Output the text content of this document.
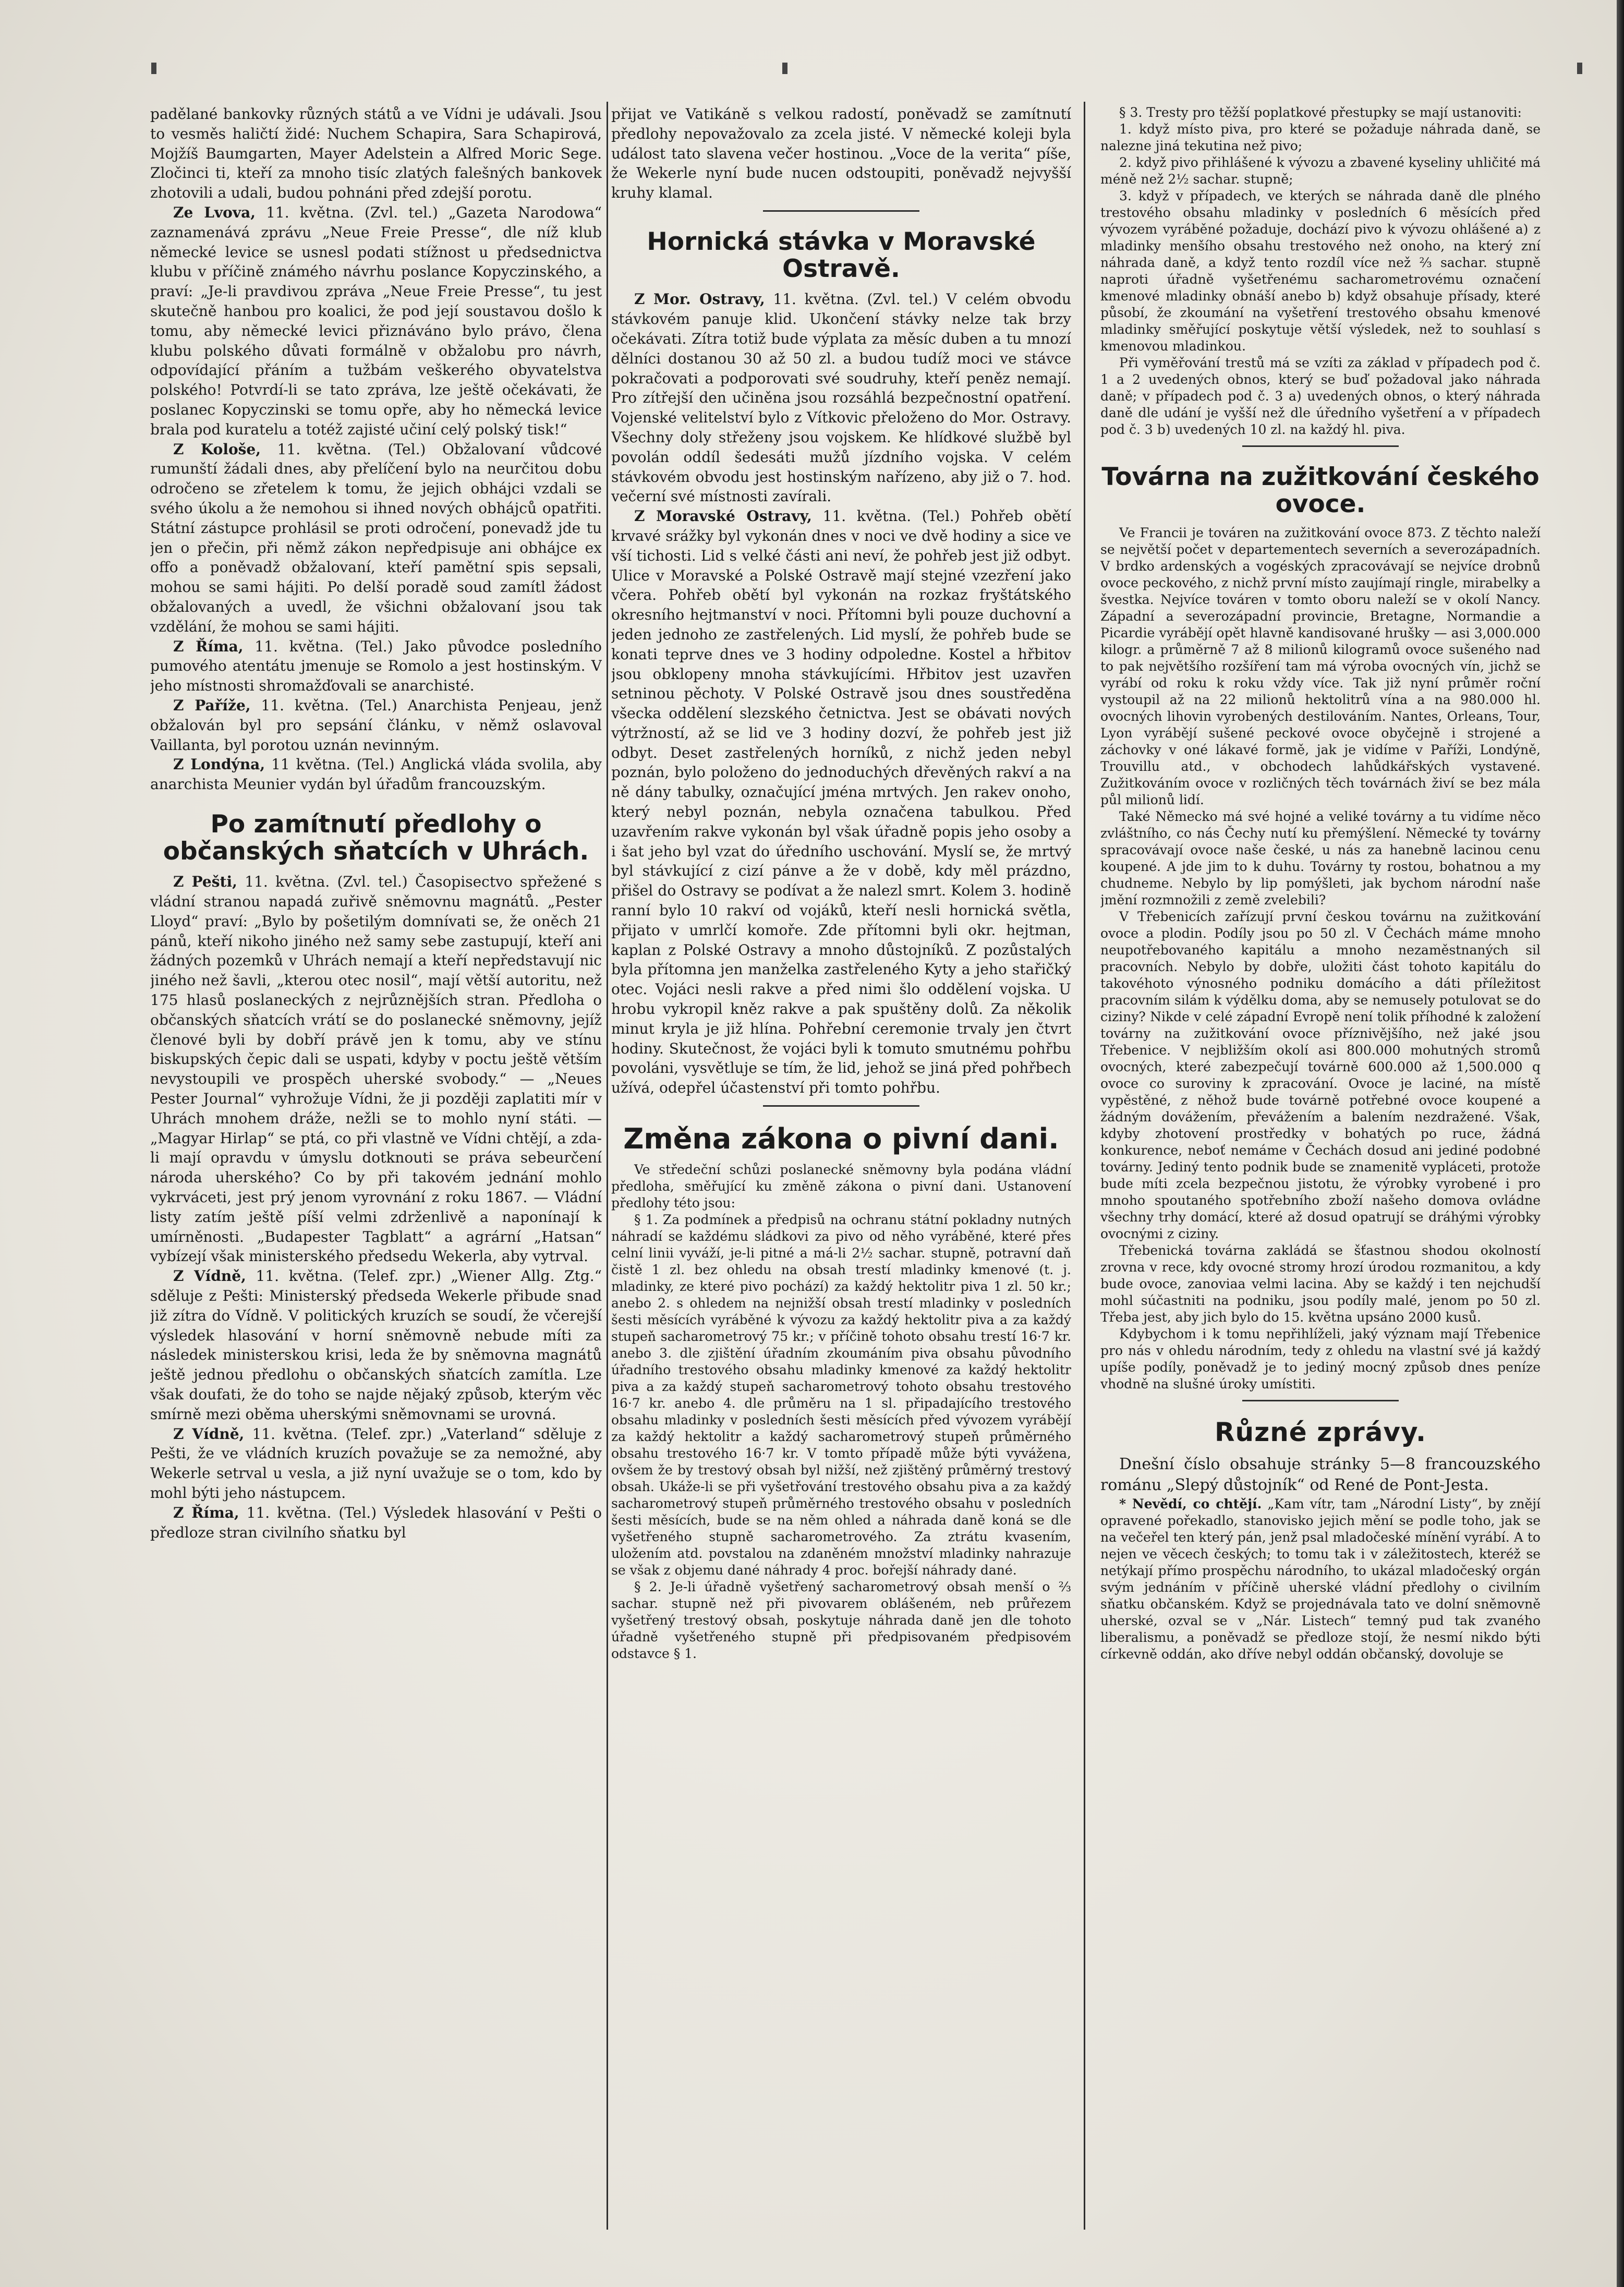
padělané bankovky různých států a ve Vídni je udávali. Jsou to vesměs haličtí židé: Nuchem Schapira, Sara Schapirová, Mojžíš Baumgarten, Mayer Adelstein a Alfred Moric Sege. Zločinci ti, kteří za mnoho tisíc zlatých falešných bankovek zhotovili a udali, budou pohnáni před zdejší porotu.

Ze Lvova, 11. května. (Zvl. tel.) „Gazeta Narodowa“ zaznamenává zprávu „Neue Freie Presse“, dle níž klub německé levice se usnesl podati stížnost u předsednictva klubu v příčině známého návrhu poslance Kopyczinského, a praví: „Je-li pravdivou zpráva „Neue Freie Presse“, tu jest skutečně hanbou pro koalici, že pod její soustavou došlo k tomu, aby německé levici přiznáváno bylo právo, člena klubu polského důvati formálně v obžalobu pro návrh, odpovídající přáním a tužbám veškerého obyvatelstva polského! Potvrdí-li se tato zpráva, lze ještě očekávati, že poslanec Kopyczinski se tomu opře, aby ho německá levice brala pod kuratelu a totéž zajisté učiní celý polský tisk!“

Z Kološe, 11. května. (Tel.) Obžalovaní vůdcové rumunští žádali dnes, aby přelíčení bylo na neurčitou dobu odročeno se zřetelem k tomu, že jejich obhájci vzdali se svého úkolu a že nemohou si ihned nových obhájců opatřiti. Státní zástupce prohlásil se proti odročení, ponevadž jde tu jen o přečin, při němž zákon nepředpisuje ani obhájce ex offo a poněvadž obžalovaní, kteří pamětní spis sepsali, mohou se sami hájiti. Po delší poradě soud zamítl žádost obžalovaných a uvedl, že všichni obžalovaní jsou tak vzdělání, že mohou se sami hájiti.

Z Říma, 11. května. (Tel.) Jako původce posledního pumového atentátu jmenuje se Romolo a jest hostinským. V jeho místnosti shromažďovali se anarchisté.

Z Paříže, 11. května. (Tel.) Anarchista Penjeau, jenž obžalován byl pro sepsání článku, v němž oslavoval Vaillanta, byl porotou uznán nevinným.

Z Londýna, 11 května. (Tel.) Anglická vláda svolila, aby anarchista Meunier vydán byl úřadům francouzským.

Po zamítnutí předlohy o občanských sňatcích v Uhrách.

Z Pešti, 11. května. (Zvl. tel.) Časopisectvo spřežené s vládní stranou napadá zuřivě sněmovnu magnátů. „Pester Lloyd“ praví: „Bylo by pošetilým domnívati se, že oněch 21 pánů, kteří nikoho jiného než samy sebe zastupují, kteří ani žádných pozemků v Uhrách nemají a kteří nepředstavují nic jiného než šavli, „kterou otec nosil“, mají větší autoritu, než 175 hlasů poslaneckých z nejrůznějších stran. Předloha o občanských sňatcích vrátí se do poslanecké sněmovny, jejíž členové byli by dobří právě jen k tomu, aby ve stínu biskupských čepic dali se uspati, kdyby v poctu ještě větším nevystoupili ve prospěch uherské svobody.“ — „Neues Pester Journal“ vyhrožuje Vídni, že ji později zaplatiti mír v Uhrách mnohem dráže, nežli se to mohlo nyní státi. — „Magyar Hirlap“ se ptá, co při vlastně ve Vídni chtějí, a zda-li mají opravdu v úmyslu dotknouti se práva sebeurčení národa uherského? Co by při takovém jednání mohlo vykrváceti, jest prý jenom vyrovnání z roku 1867. — Vládní listy zatím ještě píší velmi zdrženlivě a naponínají k umírněnosti. „Budapester Tagblatt“ a agrární „Hatsan“ vybízejí však ministerského předsedu Wekerla, aby vytrval.

Z Vídně, 11. května. (Telef. zpr.) „Wiener Allg. Ztg.“ sděluje z Pešti: Ministerský předseda Wekerle přibude snad již zítra do Vídně. V politických kruzích se soudí, že včerejší výsledek hlasování v horní sněmovně nebude míti za následek ministerskou krisi, leda že by sněmovna magnátů ještě jednou předlohu o občanských sňatcích zamítla. Lze však doufati, že do toho se najde nějaký způsob, kterým věc smírně mezi oběma uherskými sněmovnami se urovná.

Z Vídně, 11. května. (Telef. zpr.) „Vaterland“ sděluje z Pešti, že ve vládních kruzích považuje se za nemožné, aby Wekerle setrval u vesla, a již nyní uvažuje se o tom, kdo by mohl býti jeho nástupcem.

Z Říma, 11. května. (Tel.) Výsledek hlasování v Pešti o předloze stran civilního sňatku byl

přijat ve Vatikáně s velkou radostí, poněvadž se zamítnutí předlohy nepovažovalo za zcela jisté. V německé koleji byla událost tato slavena večer hostinou. „Voce de la verita“ píše, že Wekerle nyní bude nucen odstoupiti, poněvadž nejvyšší kruhy klamal.

Hornická stávka v Moravské Ostravě.

Z Mor. Ostravy, 11. května. (Zvl. tel.) V celém obvodu stávkovém panuje klid. Ukončení stávky nelze tak brzy očekávati. Zítra totiž bude výplata za měsíc duben a tu mnozí dělníci dostanou 30 až 50 zl. a budou tudíž moci ve stávce pokračovati a podporovati své soudruhy, kteří peněz nemají. Pro zítřejší den učiněna jsou rozsáhlá bezpečnostní opatření. Vojenské velitelství bylo z Vítkovic přeloženo do Mor. Ostravy. Všechny doly střeženy jsou vojskem. Ke hlídkové službě byl povolán oddíl šedesáti mužů jízdního vojska. V celém stávkovém obvodu jest hostinským nařízeno, aby již o 7. hod. večerní své místnosti zavírali.

Z Moravské Ostravy, 11. května. (Tel.) Pohřeb obětí krvavé srážky byl vykonán dnes v noci ve dvě hodiny a sice ve vší tichosti. Lid s velké části ani neví, že pohřeb jest již odbyt. Ulice v Moravské a Polské Ostravě mají stejné vzezření jako včera. Pohřeb obětí byl vykonán na rozkaz fryštátského okresního hejtmanství v noci. Přítomni byli pouze duchovní a jeden jednoho ze zastřelených. Lid myslí, že pohřeb bude se konati teprve dnes ve 3 hodiny odpoledne. Kostel a hřbitov jsou obklopeny mnoha stávkujícími. Hřbitov jest uzavřen setninou pěchoty. V Polské Ostravě jsou dnes soustředěna všecka oddělení slezského četnictva. Jest se obávati nových výtržností, až se lid ve 3 hodiny dozví, že pohřeb jest již odbyt. Deset zastřelených horníků, z nichž jeden nebyl poznán, bylo položeno do jednoduchých dřevěných rakví a na ně dány tabulky, označující jména mrtvých. Jen rakev onoho, který nebyl poznán, nebyla označena tabulkou. Před uzavřením rakve vykonán byl však úřadně popis jeho osoby a i šat jeho byl vzat do úředního uschování. Myslí se, že mrtvý byl stávkující z cizí pánve a že v době, kdy měl prázdno, přišel do Ostravy se podívat a že nalezl smrt. Kolem 3. hodině ranní bylo 10 rakví od vojáků, kteří nesli hornická světla, přijato v umrlčí komoře. Zde přítomni byli okr. hejtman, kaplan z Polské Ostravy a mnoho důstojníků. Z pozůstalých byla přítomna jen manželka zastřeleného Kyty a jeho stařičký otec. Vojáci nesli rakve a před nimi šlo oddělení vojska. U hrobu vykropil kněz rakve a pak spuštěny dolů. Za několik minut kryla je již hlína. Pohřební ceremonie trvaly jen čtvrt hodiny. Skutečnost, že vojáci byli k tomuto smutnému pohřbu povoláni, vysvětluje se tím, že lid, jehož se jiná před pohřbech užívá, odepřel účastenství při tomto pohřbu.

Změna zákona o pivní dani.

Ve středeční schůzi poslanecké sněmovny byla podána vládní předloha, směřující ku změně zákona o pivní dani. Ustanovení předlohy této jsou:

§ 1. Za podmínek a předpisů na ochranu státní pokladny nutných náhradí se každému sládkovi za pivo od něho vyráběné, které přes celní linii vyváží, je-li pitné a má-li 2½ sachar. stupně, potravní daň čistě 1 zl. bez ohledu na obsah trestí mladinky kmenové (t. j. mladinky, ze které pivo pochází) za každý hektolitr piva 1 zl. 50 kr.; anebo 2. s ohledem na nejnižší obsah trestí mladinky v posledních šesti měsících vyráběné k vývozu za každý hektolitr piva a za každý stupeň sacharometrový 75 kr.; v příčině tohoto obsahu trestí 16·7 kr. anebo 3. dle zjištění úřadním zkoumáním piva obsahu původního úřadního trestového obsahu mladinky kmenové za každý hektolitr piva a za každý stupeň sacharometrový tohoto obsahu trestového 16·7 kr. anebo 4. dle průměru na 1 sl. připadajícího trestového obsahu mladinky v posledních šesti měsících před vývozem vyrábějí za každý hektolitr a každý sacharometrový stupeň průměrného obsahu trestového 16·7 kr. V tomto případě může býti vyvážena, ovšem že by trestový obsah byl nižší, než zjištěný průměrný trestový obsah. Ukáže-li se při vyšetřování trestového obsahu piva a za každý sacharometrový stupeň průměrného trestového obsahu v posledních šesti měsících, bude se na něm ohled a náhrada daně koná se dle vyšetřeného stupně sacharometrového. Za ztrátu kvasením, uložením atd. povstalou na zdaněném množství mladinky nahrazuje se však z objemu dané náhrady 4 proc. bořejší náhrady dané.

§ 2. Je-li úřadně vyšetřený sacharometrový obsah menší o ⅔ sachar. stupně než při pivovarem oblášeném, neb průřezem vyšetřený trestový obsah, poskytuje náhrada daně jen dle tohoto úřadně vyšetřeného stupně při předpisovaném předpisovém odstavce § 1.

§ 3. Tresty pro těžší poplatkové přestupky se mají ustanoviti:

1. když místo piva, pro které se požaduje náhrada daně, se nalezne jiná tekutina než pivo;

2. když pivo přihlášené k vývozu a zbavené kyseliny uhličité má méně než 2½ sachar. stupně;

3. když v případech, ve kterých se náhrada daně dle plného trestového obsahu mladinky v posledních 6 měsících před vývozem vyráběné požaduje, dochází pivo k vývozu ohlášené a) z mladinky menšího obsahu trestového než onoho, na který zní náhrada daně, a když tento rozdíl více než ⅔ sachar. stupně naproti úřadně vyšetřenému sacharometrovému označení kmenové mladinky obnáší anebo b) když obsahuje přísady, které působí, že zkoumání na vyšetření trestového obsahu kmenové mladinky směřující poskytuje větší výsledek, než to souhlasí s kmenovou mladinkou.

Při vyměřování trestů má se vzíti za základ v případech pod č. 1 a 2 uvedených obnos, který se buď požadoval jako náhrada daně; v případech pod č. 3 a) uvedených obnos, o který náhrada daně dle udání je vyšší než dle úředního vyšetření a v případech pod č. 3 b) uvedených 10 zl. na každý hl. piva.

Továrna na zužitkování českého ovoce.

Ve Francii je továren na zužitkování ovoce 873. Z těchto naleží se největší počet v departementech severních a severozápadních. V brdko ardenských a vogéských zpracovávají se nejvíce drobnů ovoce peckového, z nichž první místo zaujímají ringle, mirabelky a švestka. Nejvíce továren v tomto oboru naleží se v okolí Nancy. Západní a severozápadní provincie, Bretagne, Normandie a Picardie vyrábějí opět hlavně kandisované hrušky — asi 3,000.000 kilogr. a průměrně 7 až 8 milionů kilogramů ovoce sušeného nad to pak největšího rozšíření tam má výroba ovocných vín, jichž se vyrábí od roku k roku vždy více. Tak již nyní průměr roční vystoupil až na 22 milionů hektolitrů vína a na 980.000 hl. ovocných lihovin vyrobených destilováním. Nantes, Orleans, Tour, Lyon vyrábějí sušené peckové ovoce obyčejně i strojené a záchovky v oné lákavé formě, jak je vidíme v Paříži, Londýně, Trouvillu atd., v obchodech lahůdkářských vystavené. Zužitkováním ovoce v rozličných těch továrnách živí se bez mála půl milionů lidí.

Také Německo má své hojné a veliké továrny a tu vidíme něco zvláštního, co nás Čechy nutí ku přemýšlení. Německé ty továrny spracovávají ovoce naše české, u nás za hanebně lacinou cenu koupené. A jde jim to k duhu. Továrny ty rostou, bohatnou a my chudneme. Nebylo by lip pomýšleti, jak bychom národní naše jmění rozmnožili z země zvelebili?

V Třebenicích zařízují první českou továrnu na zužitkování ovoce a plodin. Podíly jsou po 50 zl. V Čechách máme mnoho neupotřebovaného kapitálu a mnoho nezaměstnaných sil pracovních. Nebylo by dobře, uložiti část tohoto kapitálu do takovéhoto výnosného podniku domácího a dáti příležitost pracovním silám k výdělku doma, aby se nemusely potulovat se do ciziny? Nikde v celé západní Evropě není tolik příhodné k založení továrny na zužitkování ovoce příznivějšího, než jaké jsou Třebenice. V nejbližším okolí asi 800.000 mohutných stromů ovocných, které zabezpečují továrně 600.000 až 1,500.000 q ovoce co suroviny k zpracování. Ovoce je laciné, na místě vypěstěné, z něhož bude továrně potřebné ovoce koupené a žádným dovážením, převážením a balením nezdražené. Však, kdyby zhotovení prostředky v bohatých po ruce, žádná konkurence, neboť nemáme v Čechách dosud ani jediné podobné továrny. Jediný tento podnik bude se znamenitě vypláceti, protože bude míti zcela bezpečnou jistotu, že výrobky vyrobené i pro mnoho spoutaného spotřebního zboží našeho domova ovládne všechny trhy domácí, které až dosud opatrují se dráhými výrobky ovocnými z ciziny.

Třebenická továrna zakládá se šťastnou shodou okolností zrovna v rece, kdy ovocné stromy hrozí úrodou rozmanitou, a kdy bude ovoce, zanoviaa velmi lacina. Aby se každý i ten nejchudší mohl súčastniti na podniku, jsou podíly malé, jenom po 50 zl. Třeba jest, aby jich bylo do 15. května upsáno 2000 kusů.

Kdybychom i k tomu nepřihlíželi, jaký význam mají Třebenice pro nás v ohledu národním, tedy z ohledu na vlastní své já každý upíše podíly, poněvadž je to jediný mocný způsob dnes peníze vhodně na slušné úroky umístiti.

Různé zprávy.

Dnešní číslo obsahuje stránky 5—8 francouzského románu „Slepý důstojník“ od René de Pont-Jesta.

* Nevědí, co chtějí. „Kam vítr, tam „Národní Listy“, by znějí opravené pořekadlo, stanovisko jejich mění se podle toho, jak se na večeřel ten který pán, jenž psal mladočeské mínění vyrábí. A to nejen ve věcech českých; to tomu tak i v záležitostech, kteréž se netýkají přímo prospěchu národního, to ukázal mladočeský orgán svým jednáním v příčině uherské vládní předlohy o civilním sňatku občanském. Když se projednávala tato ve dolní sněmovně uherské, ozval se v „Nár. Listech“ temný pud tak zvaného liberalismu, a poněvadž se předloze stojí, že nesmí nikdo býti církevně oddán, ako dříve nebyl oddán občanský, dovoluje se
